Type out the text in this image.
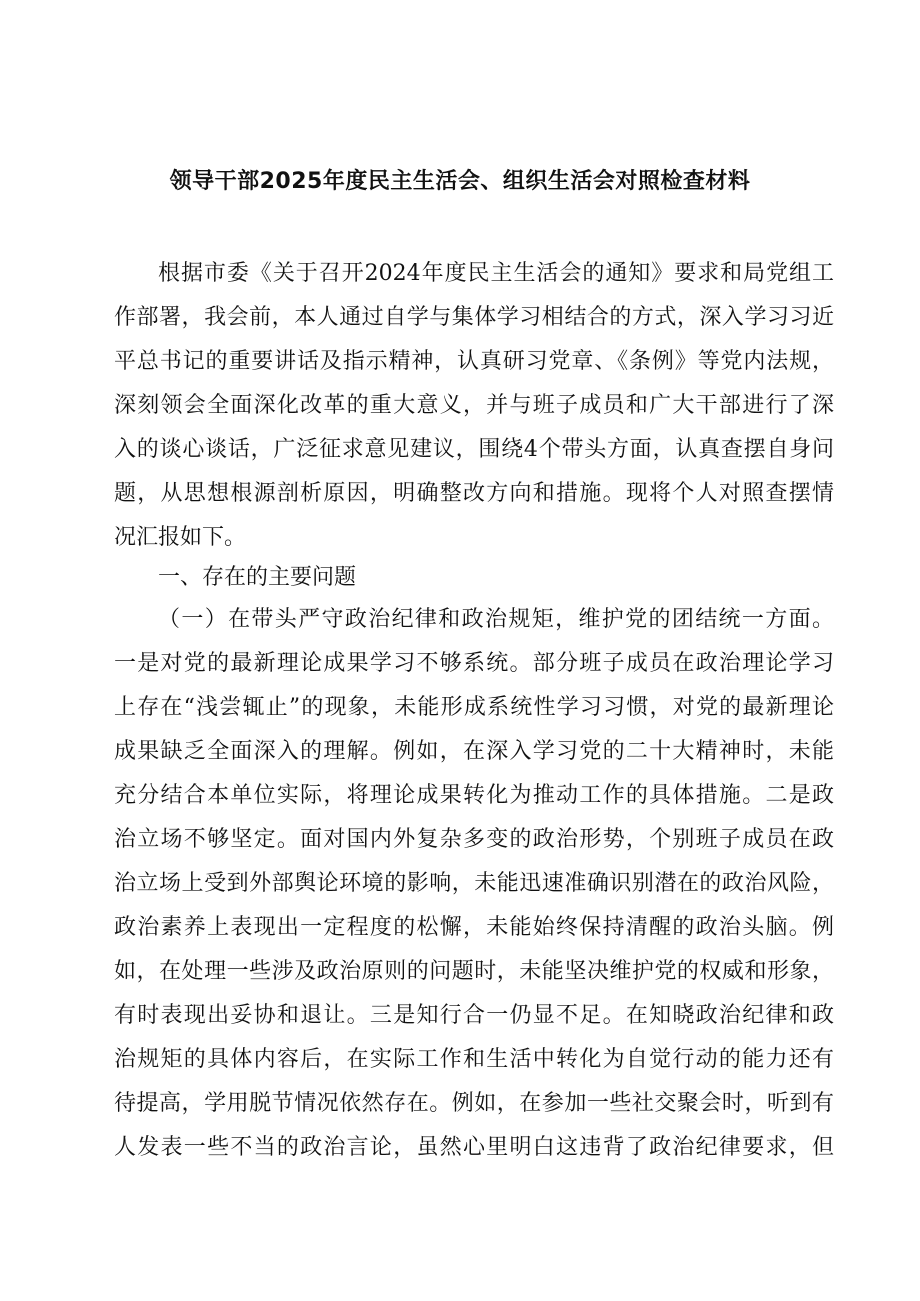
领导干部2025年度民主生活会、组织生活会对照检查材料
根据市委《关于召开2024年度民主生活会的通知》要求和局党组工
作部署，我会前，本人通过自学与集体学习相结合的方式，深入学习习近
平总书记的重要讲话及指示精神，认真研习党章、《条例》等党内法规，
深刻领会全面深化改革的重大意义，并与班子成员和广大干部进行了深
入的谈心谈话，广泛征求意见建议，围绕4个带头方面，认真查摆自身问
题，从思想根源剖析原因，明确整改方向和措施。现将个人对照查摆情
况汇报如下。
一、存在的主要问题
（一）在带头严守政治纪律和政治规矩，维护党的团结统一方面。
一是对党的最新理论成果学习不够系统。部分班子成员在政治理论学习
上存在“浅尝辄止”的现象，未能形成系统性学习习惯，对党的最新理论
成果缺乏全面深入的理解。例如，在深入学习党的二十大精神时，未能
充分结合本单位实际，将理论成果转化为推动工作的具体措施。二是政
治立场不够坚定。面对国内外复杂多变的政治形势，个别班子成员在政
治立场上受到外部舆论环境的影响，未能迅速准确识别潜在的政治风险，
政治素养上表现出一定程度的松懈，未能始终保持清醒的政治头脑。例
如，在处理一些涉及政治原则的问题时，未能坚决维护党的权威和形象，
有时表现出妥协和退让。三是知行合一仍显不足。在知晓政治纪律和政
治规矩的具体内容后，在实际工作和生活中转化为自觉行动的能力还有
待提高，学用脱节情况依然存在。例如，在参加一些社交聚会时，听到有
人发表一些不当的政治言论，虽然心里明白这违背了政治纪律要求，但
